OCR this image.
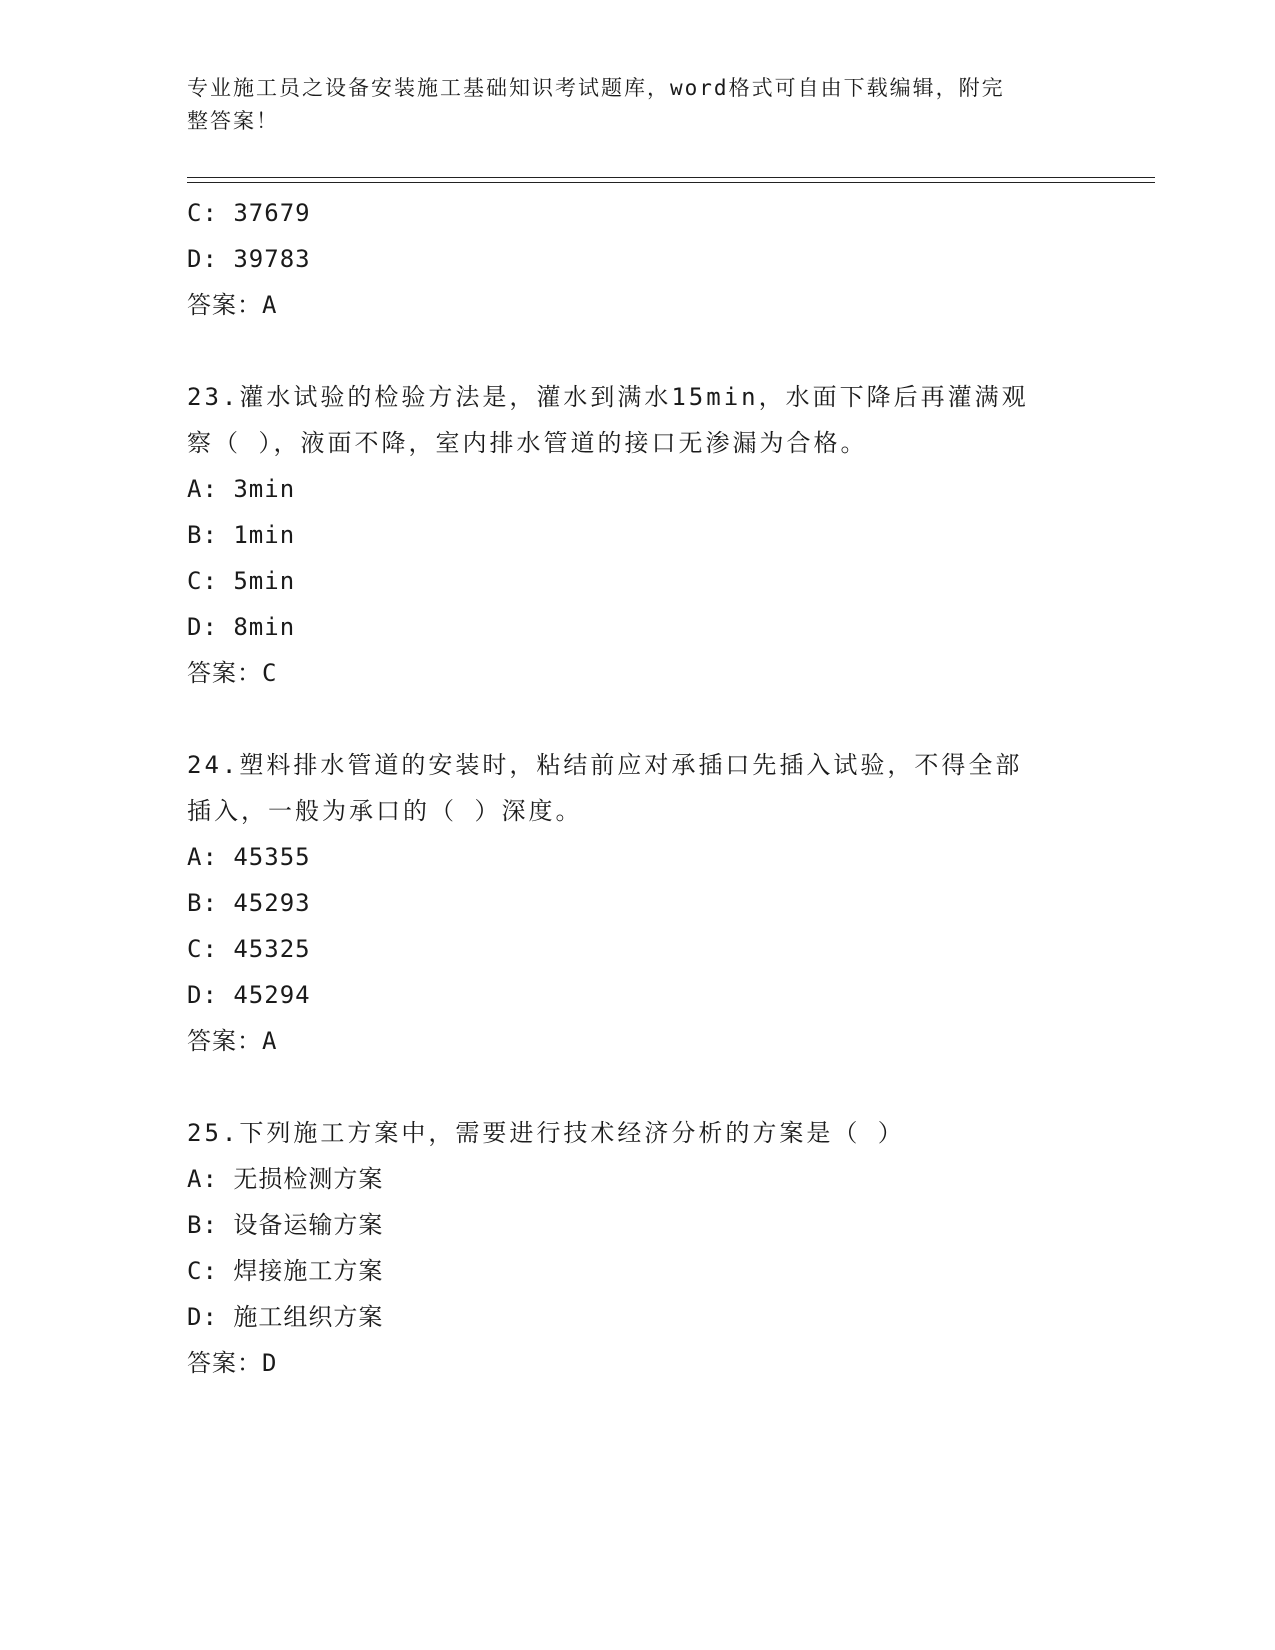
专业施工员之设备安装施工基础知识考试题库，word格式可自由下载编辑，附完
整答案！
C: 37679
D: 39783
答案：A
23.灌水试验的检验方法是，灌水到满水15min，水面下降后再灌满观
察（ ），液面不降，室内排水管道的接口无渗漏为合格。
A: 3min
B: 1min
C: 5min
D: 8min
答案：C
24.塑料排水管道的安装时，粘结前应对承插口先插入试验，不得全部
插入，一般为承口的（ ）深度。
A: 45355
B: 45293
C: 45325
D: 45294
答案：A
25.下列施工方案中，需要进行技术经济分析的方案是（ ）
A: 无损检测方案
B: 设备运输方案
C: 焊接施工方案
D: 施工组织方案
答案：D
